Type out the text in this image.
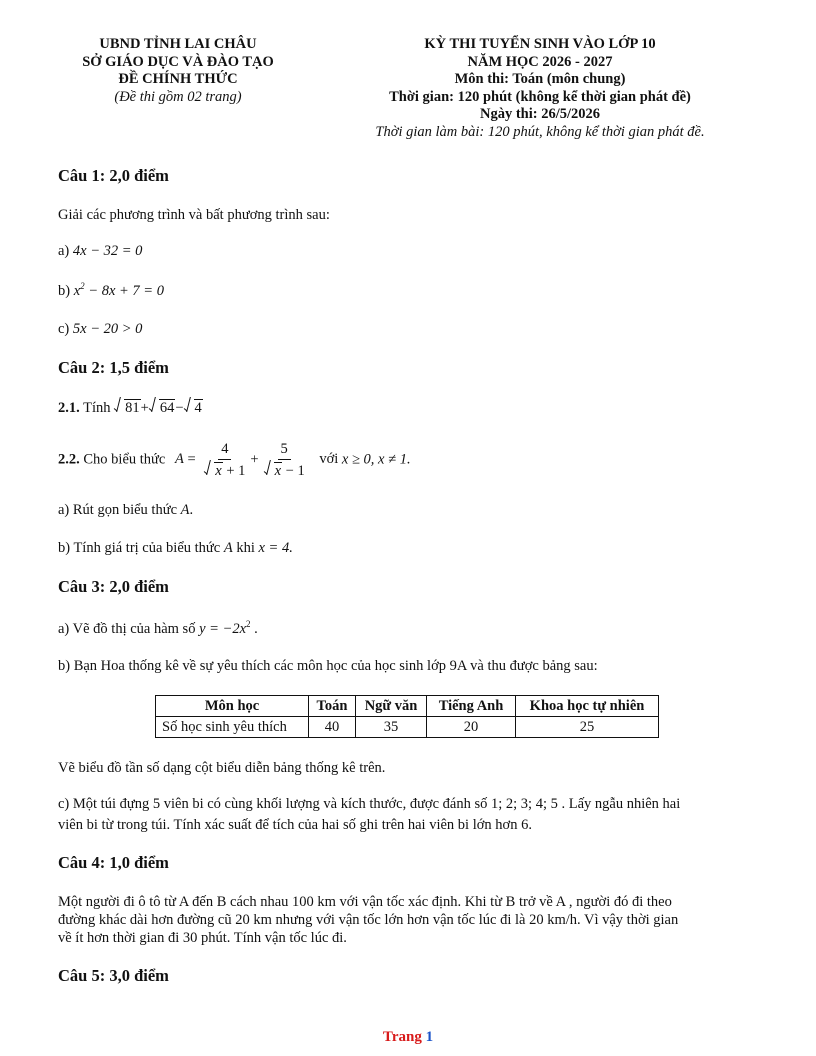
UBND TỈNH LAI CHÂU
SỞ GIÁO DỤC VÀ ĐÀO TẠO
ĐỀ CHÍNH THỨC
(Đề thi gồm 02 trang)
KỲ THI TUYỂN SINH VÀO LỚP 10
NĂM HỌC 2026 - 2027
Môn thi: Toán (môn chung)
Thời gian: 120 phút (không kể thời gian phát đề)
Ngày thi: 26/5/2026
Thời gian làm bài: 120 phút, không kể thời gian phát đề.
Câu 1: 2,0 điểm
Giải các phương trình và bất phương trình sau:
a) 4x − 32 = 0
b) $x^2 - 8x + 7 = 0$
c) 5x − 20 > 0
Câu 2: 1,5 điểm
2.1. Tính 81+ 64− 4
2.2. Cho biểu thức $A = \frac{4}{x + 1} + \frac{5}{x - 1}$ với x ≥ 0, x ≠ 1.
a) Rút gọn biểu thức A.
b) Tính giá trị của biểu thức A khi x = 4.
Câu 3: 2,0 điểm
a) Vẽ đồ thị của hàm số $y = -2x^2$ .
b) Bạn Hoa thống kê về sự yêu thích các môn học của học sinh lớp 9A và thu được bảng sau:
Môn học	Toán	Ngữ văn	Tiếng Anh	Khoa học tự nhiên
Số học sinh yêu thích	40	35	20	25
Vẽ biểu đồ tần số dạng cột biểu diễn bảng thống kê trên.
c) Một túi đựng 5 viên bi có cùng khối lượng và kích thước, được đánh số 1; 2; 3; 4; 5 . Lấy ngẫu nhiên hai
viên bi từ trong túi. Tính xác suất để tích của hai số ghi trên hai viên bi lớn hơn 6.
Câu 4: 1,0 điểm
Một người đi ô tô từ A đến B cách nhau 100 km với vận tốc xác định. Khi từ B trở về A , người đó đi theo
đường khác dài hơn đường cũ 20 km nhưng với vận tốc lớn hơn vận tốc lúc đi là 20 km/h. Vì vậy thời gian
về ít hơn thời gian đi 30 phút. Tính vận tốc lúc đi.
Câu 5: 3,0 điểm
Trang 1
